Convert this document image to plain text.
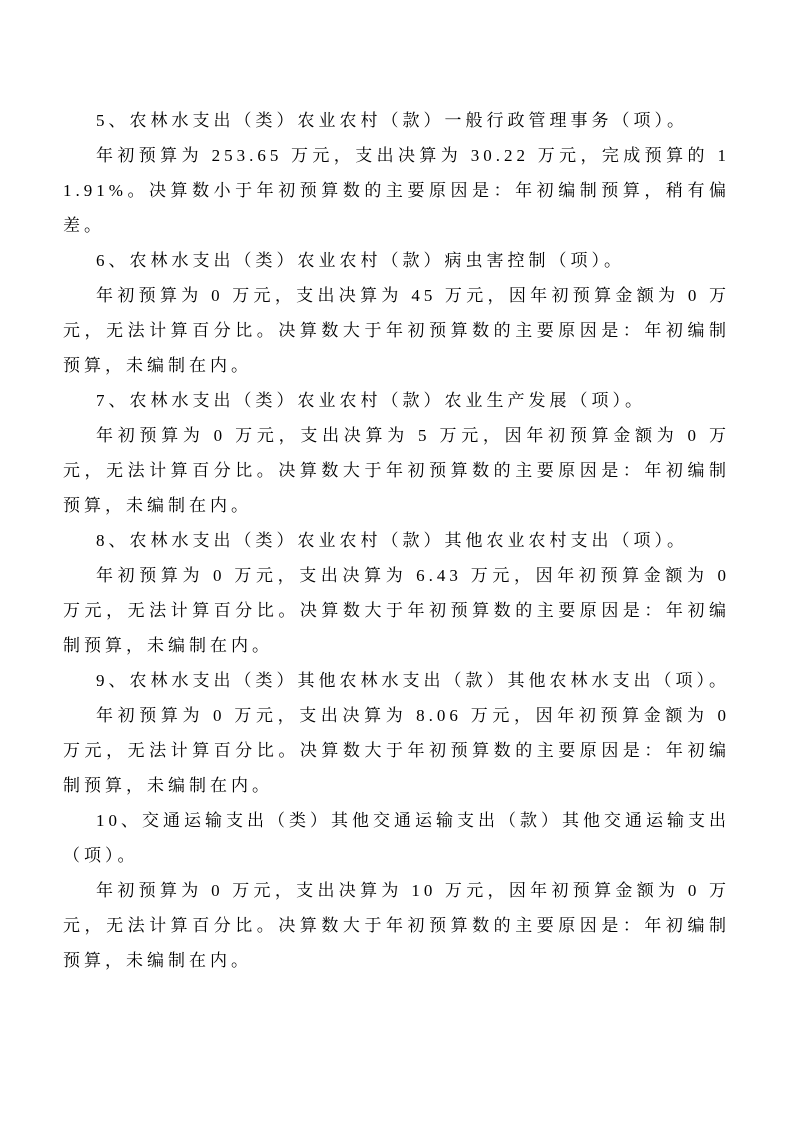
5、农林水支出（类）农业农村（款）一般行政管理事务（项）。

年初预算为 253.65 万元，支出决算为 30.22 万元，完成预算的 11.91%。决算数小于年初预算数的主要原因是：年初编制预算，稍有偏差。

6、农林水支出（类）农业农村（款）病虫害控制（项）。

年初预算为 0 万元，支出决算为 45 万元，因年初预算金额为 0 万元，无法计算百分比。决算数大于年初预算数的主要原因是：年初编制预算，未编制在内。

7、农林水支出（类）农业农村（款）农业生产发展（项）。

年初预算为 0 万元，支出决算为 5 万元，因年初预算金额为 0 万元，无法计算百分比。决算数大于年初预算数的主要原因是：年初编制预算，未编制在内。

8、农林水支出（类）农业农村（款）其他农业农村支出（项）。

年初预算为 0 万元，支出决算为 6.43 万元，因年初预算金额为 0 万元，无法计算百分比。决算数大于年初预算数的主要原因是：年初编制预算，未编制在内。

9、农林水支出（类）其他农林水支出（款）其他农林水支出（项）。

年初预算为 0 万元，支出决算为 8.06 万元，因年初预算金额为 0 万元，无法计算百分比。决算数大于年初预算数的主要原因是：年初编制预算，未编制在内。

10、交通运输支出（类）其他交通运输支出（款）其他交通运输支出（项）。

年初预算为 0 万元，支出决算为 10 万元，因年初预算金额为 0 万元，无法计算百分比。决算数大于年初预算数的主要原因是：年初编制预算，未编制在内。
